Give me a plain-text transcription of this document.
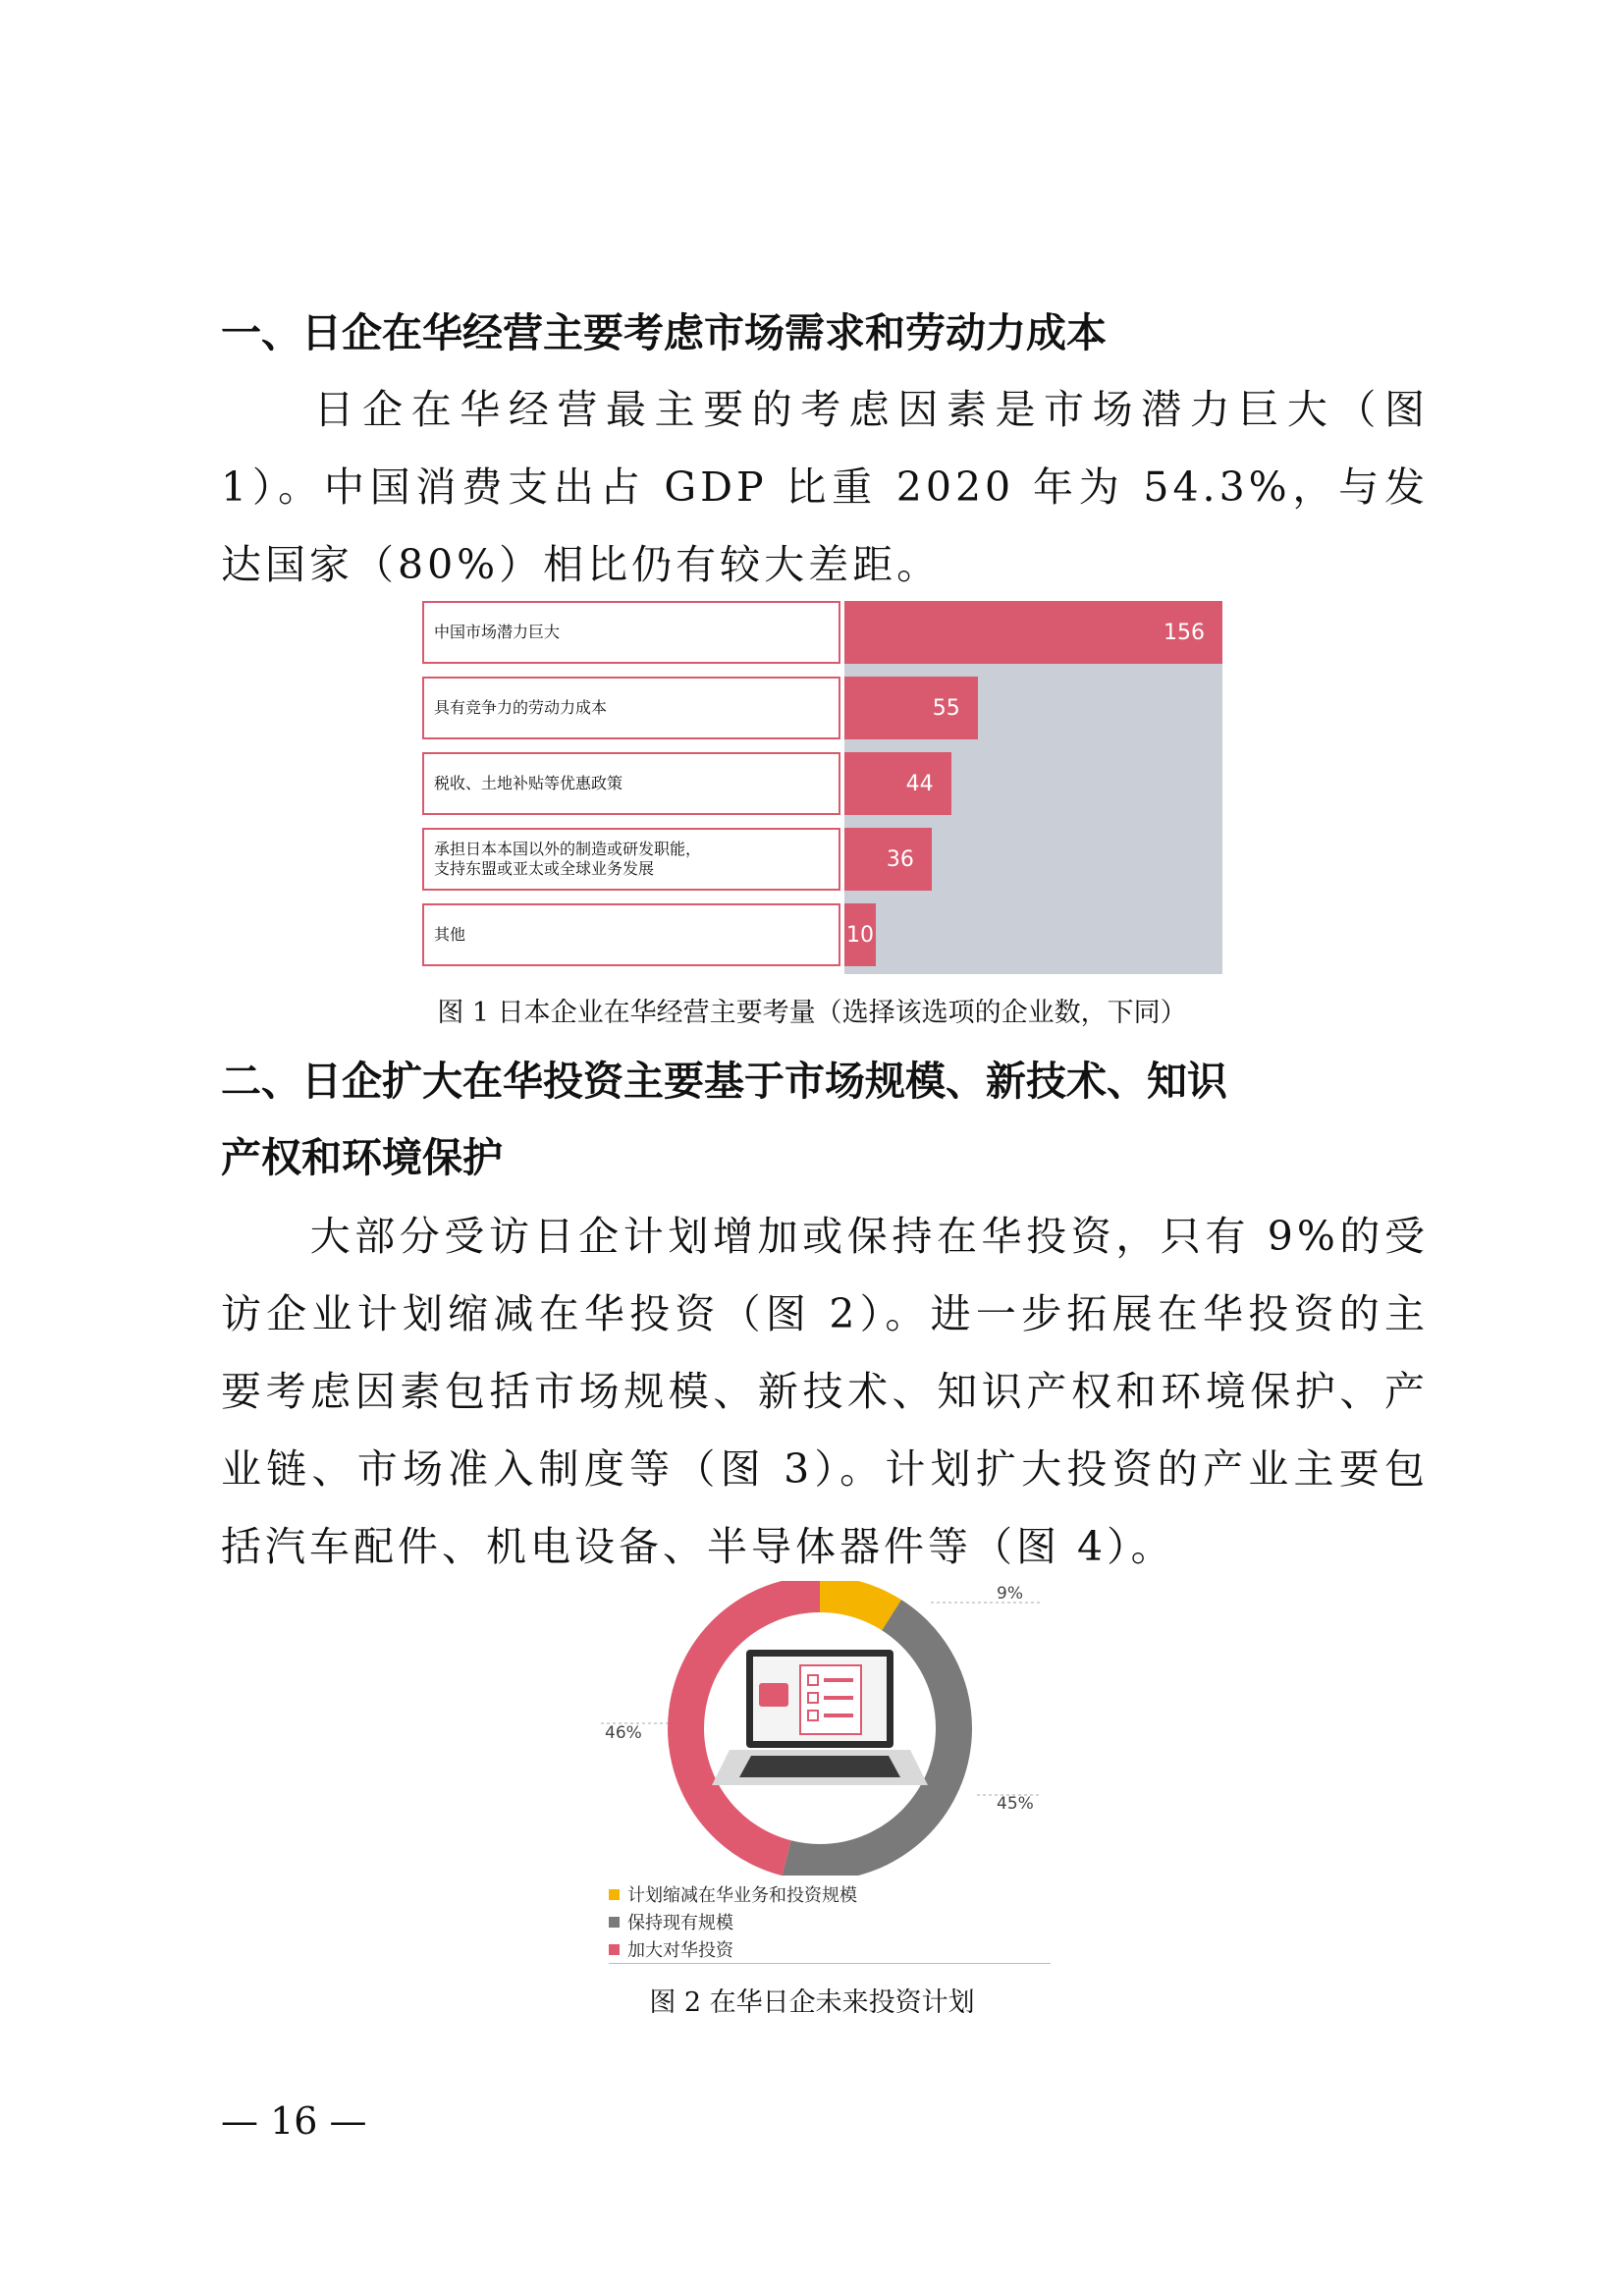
一、日企在华经营主要考虑市场需求和劳动力成本

日企在华经营最主要的考虑因素是市场潜力巨大（图 1）。中国消费支出占 GDP 比重 2020 年为 54.3%，与发达国家（80%）相比仍有较大差距。

中国市场潜力巨大	156
具有竞争力的劳动力成本	55
税收、土地补贴等优惠政策	44
承担日本本国以外的制造或研发职能，
支持东盟或亚太或全球业务发展	36
其他	10
图 1 日本企业在华经营主要考量（选择该选项的企业数，下同）
二、日企扩大在华投资主要基于市场规模、新技术、知识
产权和环境保护

大部分受访日企计划增加或保持在华投资，只有 9%的受访企业计划缩减在华投资（图 2）。进一步拓展在华投资的主要考虑因素包括市场规模、新技术、知识产权和环境保护、产业链、市场准入制度等（图 3）。计划扩大投资的产业主要包括汽车配件、机电设备、半导体器件等（图 4）。

9%
45%
46%
计划缩减在华业务和投资规模
保持现有规模
加大对华投资
图 2 在华日企未来投资计划
— 16 —
